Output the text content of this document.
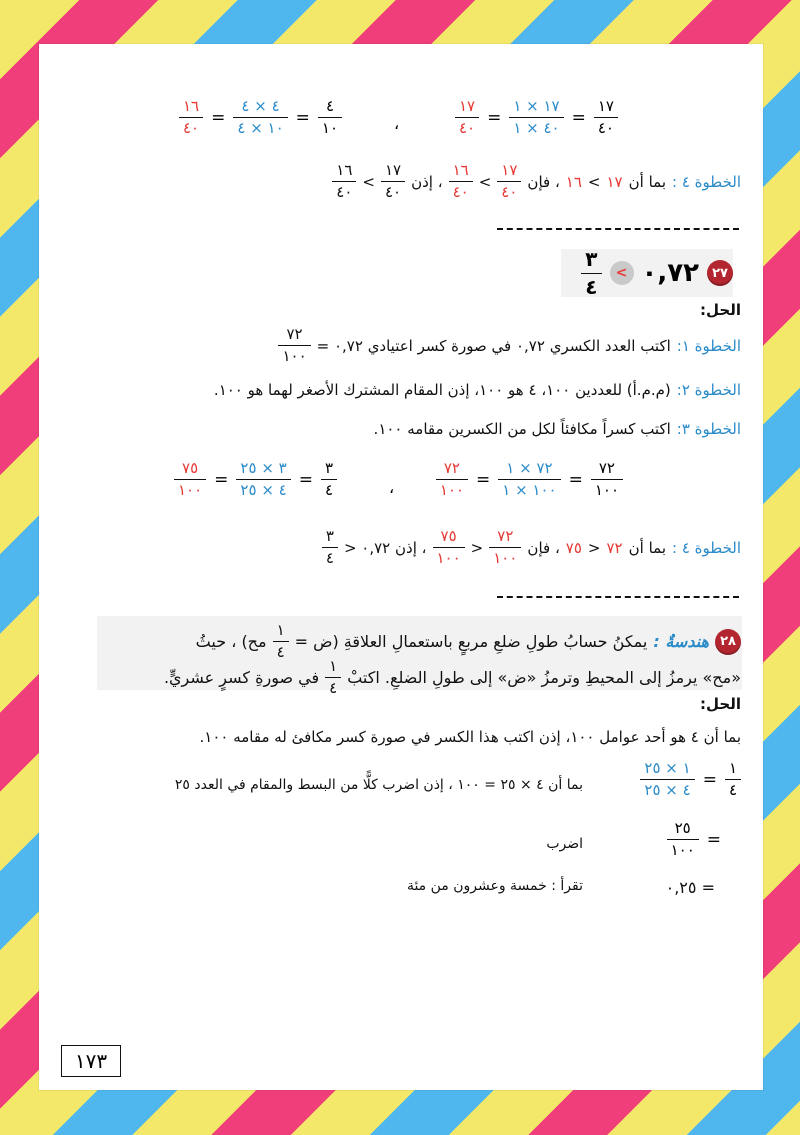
$\frac{١٧}{٤٠}$
=
$\frac{١٧ \times ١}{٤٠ \times ١}$
=
$\frac{١٧}{٤٠}$
،
$\frac{٤}{١٠}$
=
$\frac{٤ \times ٤}{١٠ \times ٤}$
=
$\frac{١٦}{٤٠}$
الخطوة ٤ :
بما أن
١٧
>
١٦
، فإن
$\frac{١٧}{٤٠}$
>
$\frac{١٦}{٤٠}$
، إذن
$\frac{١٧}{٤٠}$
>
$\frac{١٦}{٤٠}$
٢٧
٠,٧٢
>
$\frac{٣}{٤}$
الحل:
الخطوة ١:
اكتب العدد الكسري ٠,٧٢ في صورة كسر اعتيادي ٠,٧٢ =
$\frac{٧٢}{١٠٠}$
الخطوة ٢:
(م.م.أ) للعددين ١٠٠، ٤ هو ١٠٠، إذن المقام المشترك الأصغر لهما هو ١٠٠.
الخطوة ٣:
اكتب كسراً مكافئاً لكل من الكسرين مقامه ١٠٠.
$\frac{٧٢}{١٠٠}$
=
$\frac{٧٢ \times ١}{١٠٠ \times ١}$
=
$\frac{٧٢}{١٠٠}$
،
$\frac{٣}{٤}$
=
$\frac{٣ \times ٢٥}{٤ \times ٢٥}$
=
$\frac{٧٥}{١٠٠}$
الخطوة ٤ :
بما أن
٧٢
<
٧٥
، فإن
$\frac{٧٢}{١٠٠}$
<
$\frac{٧٥}{١٠٠}$
، إذن ٠,٧٢ <
$\frac{٣}{٤}$
٢٨
هندسةٌ :
يمكنُ حسابُ طولِ ضلعِ مربعٍ باستعمالِ العلاقةِ (ض =
$\frac{١}{٤}$
مح) ، حيثُ
«مح» يرمزُ إلى المحيطِ وترمزُ «ض» إلى طولِ الضلعِ. اكتبْ
$\frac{١}{٤}$
في صورةِ كسرٍ عشريٍّ.
الحل:
بما أن ٤ هو أحد عوامل ١٠٠، إذن اكتب هذا الكسر في صورة كسر مكافئ له مقامه ١٠٠.
$\frac{١}{٤}$
=
$\frac{١ \times ٢٥}{٤ \times ٢٥}$
بما أن ٤ × ٢٥ = ١٠٠ ، إذن اضرب كلًّا من البسط والمقام في العدد ٢٥
=
$\frac{٢٥}{١٠٠}$
اضرب
= ٠,٢٥
تقرأ : خمسة وعشرون من مئة
١٧٣
